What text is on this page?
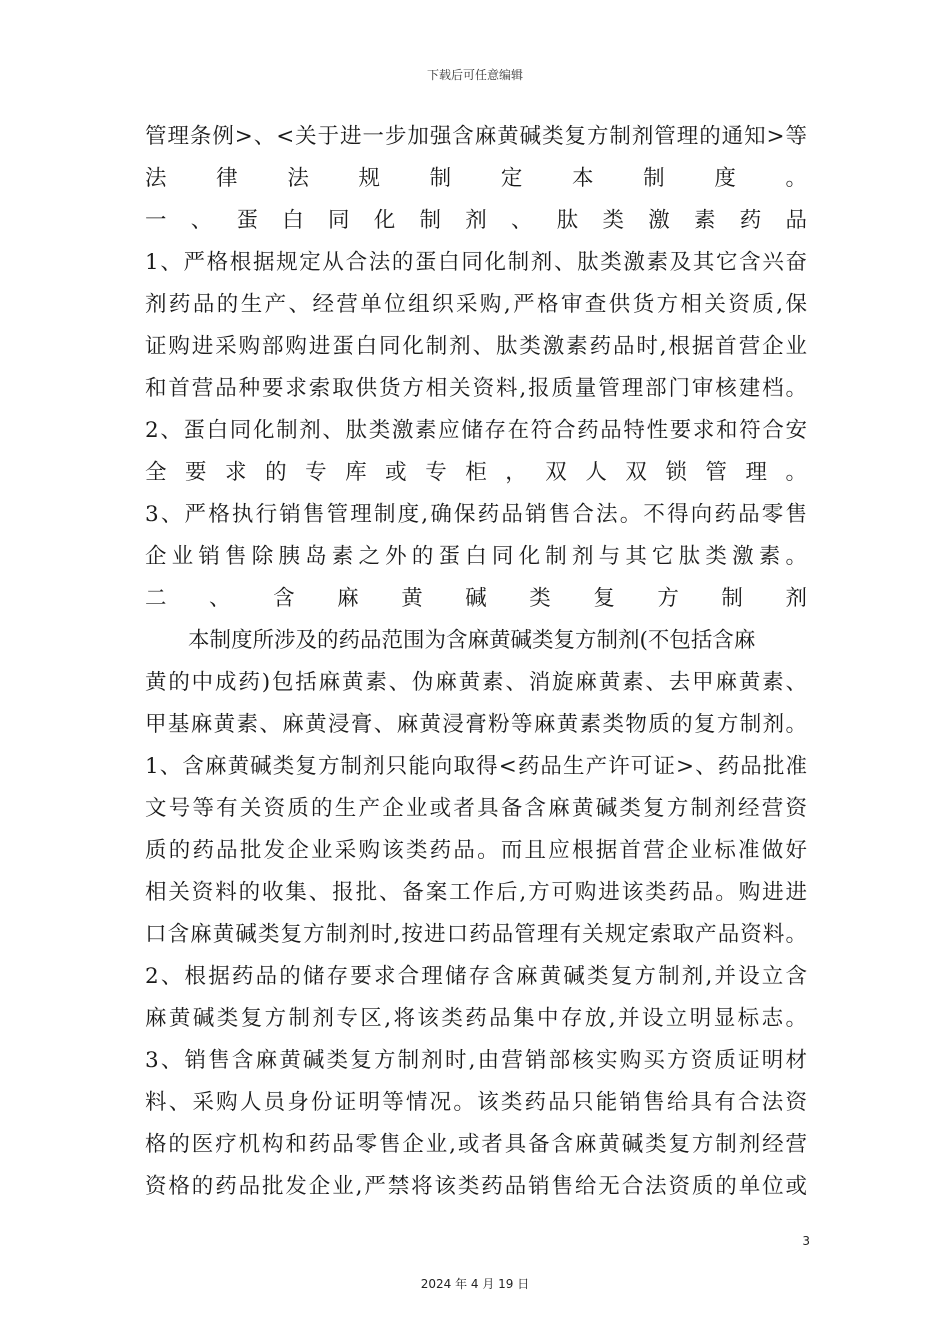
下载后可任意编辑
管理条例>、<关于进一步加强含麻黄碱类复方制剂管理的通知>等
法律法规制定本制度。
一、蛋白同化制剂、肽类激素药品
1、严格根据规定从合法的蛋白同化制剂、肽类激素及其它含兴奋
剂药品的生产、经营单位组织采购,严格审查供货方相关资质,保
证购进采购部购进蛋白同化制剂、肽类激素药品时,根据首营企业
和首营品种要求索取供货方相关资料,报质量管理部门审核建档。
2、蛋白同化制剂、肽类激素应储存在符合药品特性要求和符合安
全要求的专库或专柜，双人双锁管理。
3、严格执行销售管理制度,确保药品销售合法。不得向药品零售
企业销售除胰岛素之外的蛋白同化制剂与其它肽类激素。
二、含麻黄碱类复方制剂
本制度所涉及的药品范围为含麻黄碱类复方制剂(不包括含麻
黄的中成药)包括麻黄素、伪麻黄素、消旋麻黄素、去甲麻黄素、
甲基麻黄素、麻黄浸膏、麻黄浸膏粉等麻黄素类物质的复方制剂。
1、含麻黄碱类复方制剂只能向取得<药品生产许可证>、药品批准
文号等有关资质的生产企业或者具备含麻黄碱类复方制剂经营资
质的药品批发企业采购该类药品。而且应根据首营企业标准做好
相关资料的收集、报批、备案工作后,方可购进该类药品。购进进
口含麻黄碱类复方制剂时,按进口药品管理有关规定索取产品资料。
2、根据药品的储存要求合理储存含麻黄碱类复方制剂,并设立含
麻黄碱类复方制剂专区,将该类药品集中存放,并设立明显标志。
3、销售含麻黄碱类复方制剂时,由营销部核实购买方资质证明材
料、采购人员身份证明等情况。该类药品只能销售给具有合法资
格的医疗机构和药品零售企业,或者具备含麻黄碱类复方制剂经营
资格的药品批发企业,严禁将该类药品销售给无合法资质的单位或
3
2024 年 4 月 19 日
